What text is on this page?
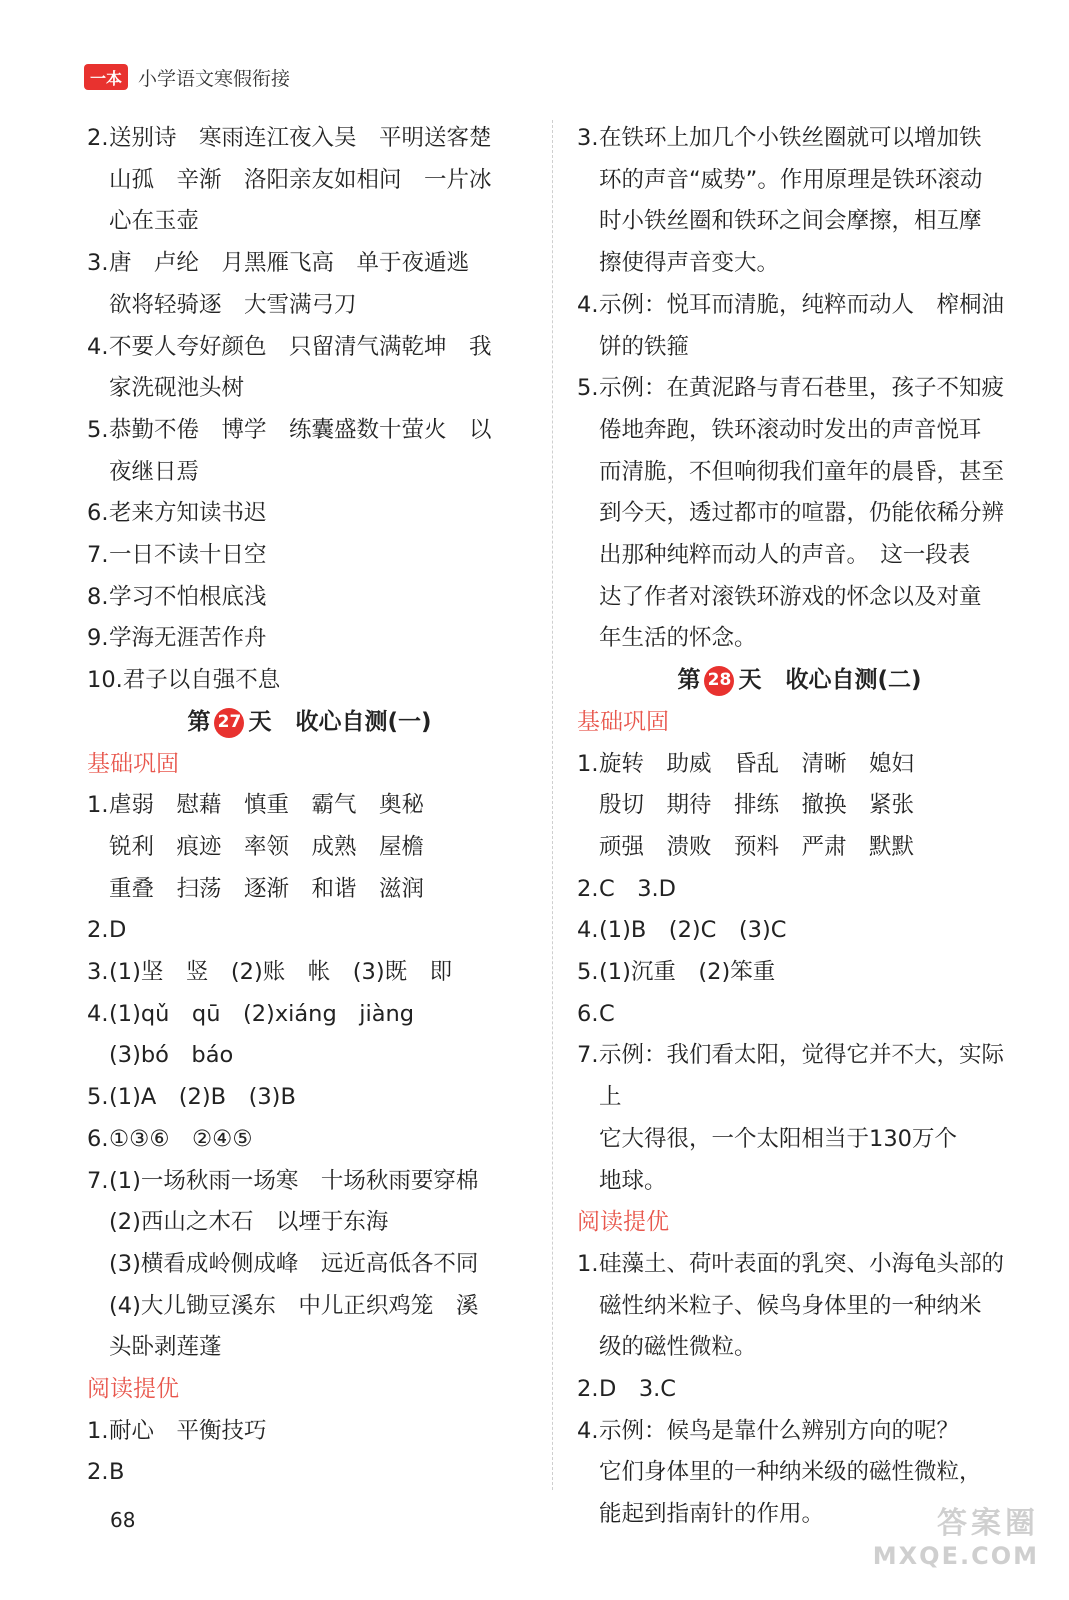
一本 小学语文寒假衔接
2. 送别诗　寒雨连江夜入吴　平明送客楚
山孤　辛渐　洛阳亲友如相问　一片冰
心在玉壶
3. 唐　卢纶　月黑雁飞高　单于夜遁逃
欲将轻骑逐　大雪满弓刀
4. 不要人夸好颜色　只留清气满乾坤　我
家洗砚池头树
5. 恭勤不倦　博学　练囊盛数十萤火　以
夜继日焉
6. 老来方知读书迟
7. 一日不读十日空
8. 学习不怕根底浅
9. 学海无涯苦作舟
10. 君子以自强不息
第 27 天 收心自测(一)
基础巩固
1. 虐弱　慰藉　慎重　霸气　奥秘
锐利　痕迹　率领　成熟　屋檐
重叠　扫荡　逐渐　和谐　滋润
2. D
3. (1)坚　竖　(2)账　帐　(3)既　即
4. (1)qǔ　qū　(2)xiáng　jiàng
(3)bó　báo
5. (1)A　(2)B　(3)B
6. ①③⑥　②④⑤
7. (1)一场秋雨一场寒　十场秋雨要穿棉
(2)西山之木石　以堙于东海
(3)横看成岭侧成峰　远近高低各不同
(4)大儿锄豆溪东　中儿正织鸡笼　溪
头卧剥莲蓬
阅读提优
1. 耐心　平衡技巧
2. B
3. 在铁环上加几个小铁丝圈就可以增加铁
环的声音“威势”。作用原理是铁环滚动
时小铁丝圈和铁环之间会摩擦，相互摩
擦使得声音变大。
4. 示例：悦耳而清脆，纯粹而动人　榨桐油
饼的铁箍
5. 示例：在黄泥路与青石巷里，孩子不知疲
倦地奔跑，铁环滚动时发出的声音悦耳
而清脆，不但响彻我们童年的晨昏，甚至
到今天，透过都市的喧嚣，仍能依稀分辨
出那种纯粹而动人的声音。　这一段表
达了作者对滚铁环游戏的怀念以及对童
年生活的怀念。
第 28 天 收心自测(二)
基础巩固
1. 旋转　助威　昏乱　清晰　媳妇
殷切　期待　排练　撤换　紧张
顽强　溃败　预料　严肃　默默
2. C　3.D
4. (1)B　(2)C　(3)C
5. (1)沉重　(2)笨重
6. C
7. 示例：我们看太阳，觉得它并不大，实际上
它大得很，一个太阳相当于130万个
地球。
阅读提优
1. 硅藻土、荷叶表面的乳突、小海龟头部的
磁性纳米粒子、候鸟身体里的一种纳米
级的磁性微粒。
2. D　3.C
4. 示例：候鸟是靠什么辨别方向的呢？
它们身体里的一种纳米级的磁性微粒，
能起到指南针的作用。
68	答案圈
MXQE.COM
